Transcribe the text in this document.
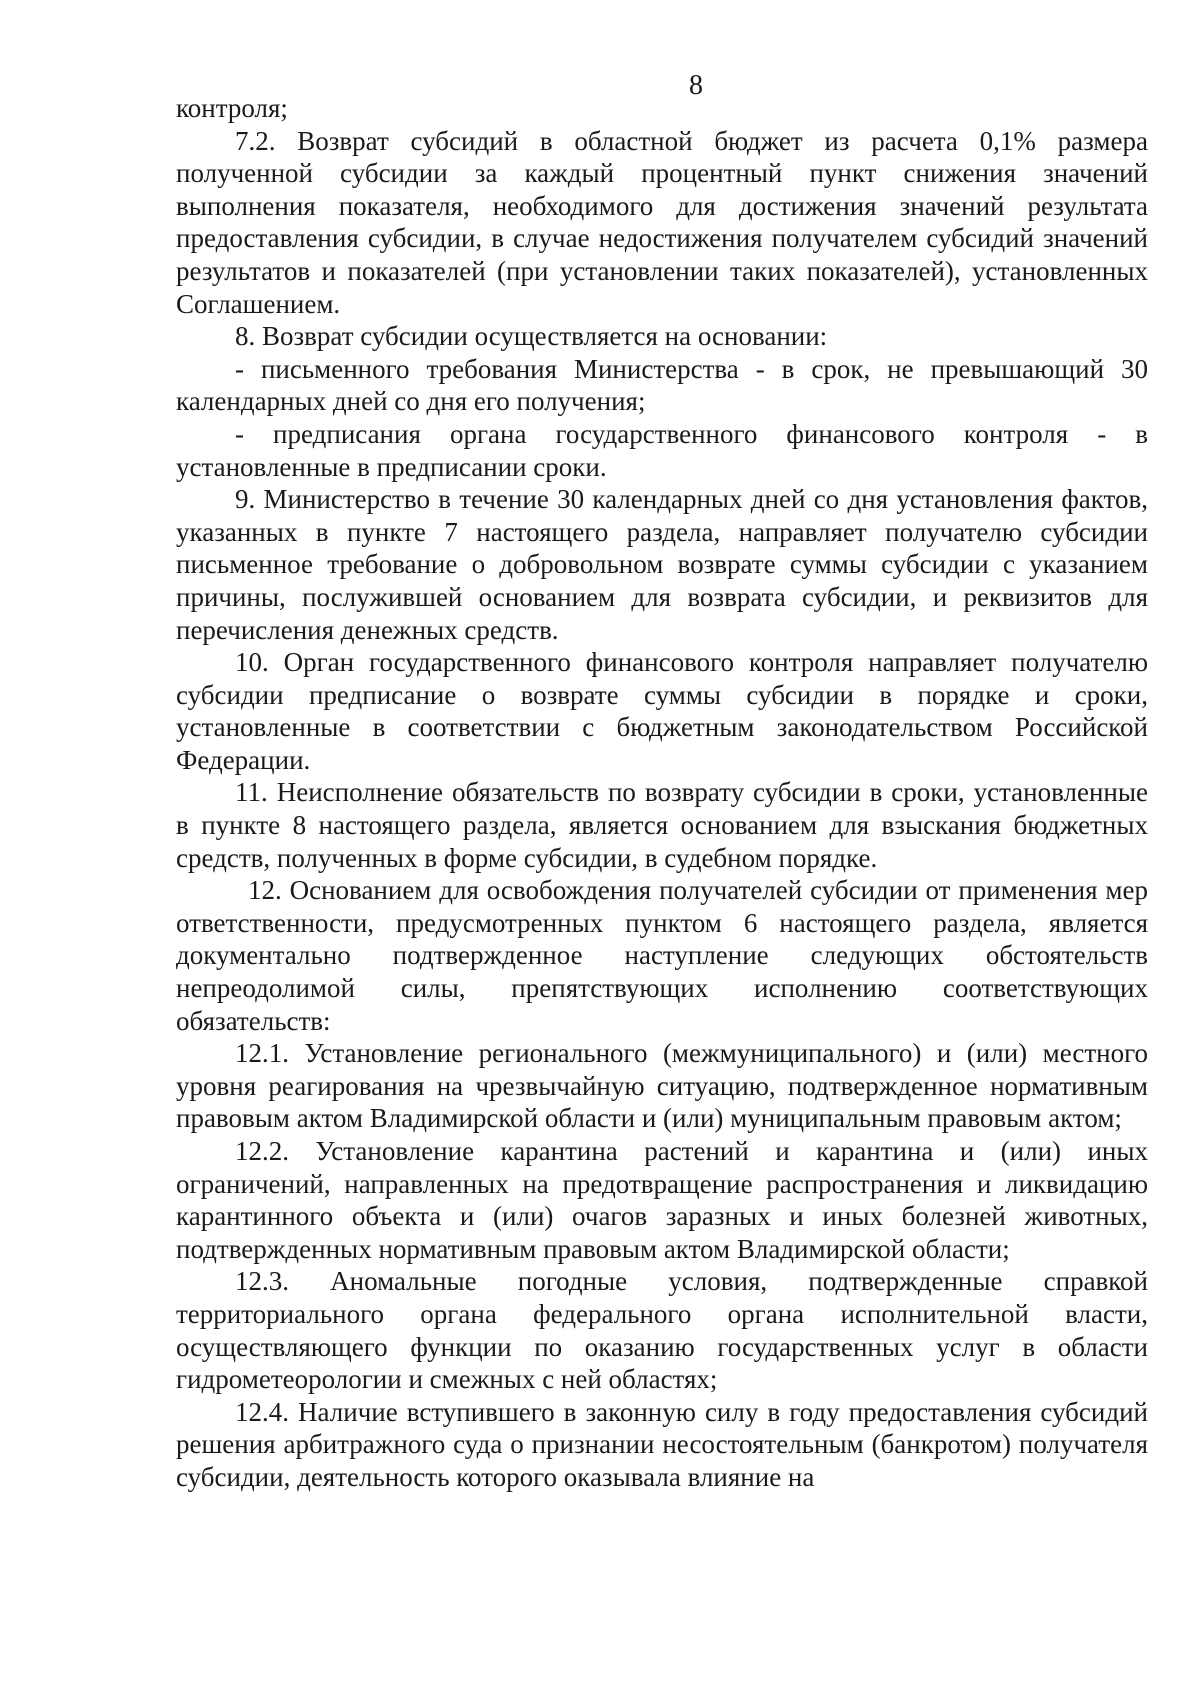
8

контроля;

7.2. Возврат субсидий в областной бюджет из расчета 0,1% размера полученной субсидии за каждый процентный пункт снижения значений выполнения показателя, необходимого для достижения значений результата предоставления субсидии, в случае недостижения получателем субсидий значений результатов и показателей (при установлении таких показателей), установленных Соглашением.

8. Возврат субсидии осуществляется на основании:

- письменного требования Министерства - в срок, не превышающий 30 календарных дней со дня его получения;

- предписания органа государственного финансового контроля - в установленные в предписании сроки.

9. Министерство в течение 30 календарных дней со дня установления фактов, указанных в пункте 7 настоящего раздела, направляет получателю субсидии письменное требование о добровольном возврате суммы субсидии с указанием причины, послужившей основанием для возврата субсидии, и реквизитов для перечисления денежных средств.

10. Орган государственного финансового контроля направляет получателю субсидии предписание о возврате суммы субсидии в порядке и сроки, установленные в соответствии с бюджетным законодательством Российской Федерации.

11. Неисполнение обязательств по возврату субсидии в сроки, установленные в пункте 8 настоящего раздела, является основанием для взыскания бюджетных средств, полученных в форме субсидии, в судебном порядке.

12. Основанием для освобождения получателей субсидии от применения мер ответственности, предусмотренных пунктом 6 настоящего раздела, является документально подтвержденное наступление следующих обстоятельств непреодолимой силы, препятствующих исполнению соответствующих обязательств:

12.1. Установление регионального (межмуниципального) и (или) местного уровня реагирования на чрезвычайную ситуацию, подтвержденное нормативным правовым актом Владимирской области и (или) муниципальным правовым актом;

12.2. Установление карантина растений и карантина и (или) иных ограничений, направленных на предотвращение распространения и ликвидацию карантинного объекта и (или) очагов заразных и иных болезней животных, подтвержденных нормативным правовым актом Владимирской области;

12.3. Аномальные погодные условия, подтвержденные справкой территориального органа федерального органа исполнительной власти, осуществляющего функции по оказанию государственных услуг в области гидрометеорологии и смежных с ней областях;

12.4. Наличие вступившего в законную силу в году предоставления субсидий решения арбитражного суда о признании несостоятельным (банкротом) получателя субсидии, деятельность которого оказывала влияние на
